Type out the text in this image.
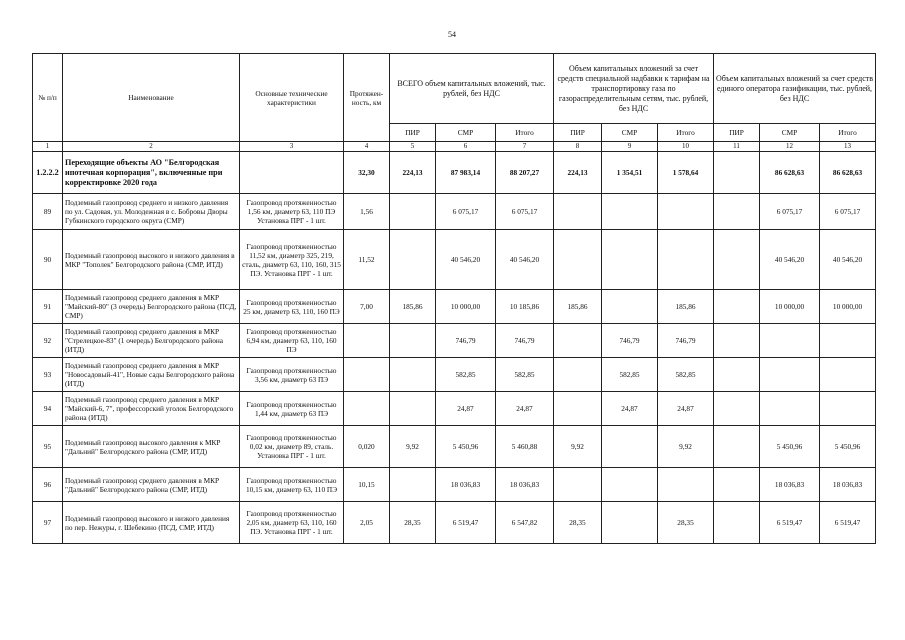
54
№ п/п	Наименование	Основные технические характеристики	Протяжен-ность, км	ВСЕГО объем капитальных вложений, тыс. рублей, без НДС			Объем капитальных вложений за счет средств специальной надбавки к тарифам на транспортировку газа по газораспределительным сетям, тыс. рублей, без НДС			Объем капитальных вложений за счет средств единого оператора газификации, тыс. рублей, без НДС		
				ПИР	СМР	Итого	ПИР	СМР	Итого	ПИР	СМР	Итого
1	2	3	4	5	6	7	8	9	10	11	12	13
1.2.2.2	Переходящие объекты АО "Белгородская ипотечная корпорация", включенные при корректировке 2020 года		32,30	224,13	87 983,14	88 207,27	224,13	1 354,51	1 578,64		86 628,63	86 628,63
89	Подземный газопровод среднего и низкого давления по ул. Садовая, ул. Молодежная в с. Бобровы Дворы Губкинского городского округа (СМР)	Газопровод протяженностью 1,56 км, диаметр 63, 110 ПЭ Установка ПРГ - 1 шт.	1,56		6 075,17	6 075,17					6 075,17	6 075,17
90	Подземный газопровод высокого и низкого давления в МКР "Тополек" Белгородского района (СМР, ИТД)	Газопровод протяженностью 11,52 км, диаметр 325, 219, сталь, диаметр 63, 110, 160, 315 ПЭ. Установка ПРГ - 1 шт.	11,52		40 546,20	40 546,20					40 546,20	40 546,20
91	Подземный газопровод среднего давления в МКР "Майский-80" (3 очередь) Белгородского района (ПСД, СМР)	Газопровод протяженностью 25 км, диаметр 63, 110, 160 ПЭ	7,00	185,86	10 000,00	10 185,86	185,86		185,86		10 000,00	10 000,00
92	Подземный газопровод среднего давления в МКР "Стрелецкое-83" (1 очередь) Белгородского района (ИТД)	Газопровод протяженностью 6,94 км, диаметр 63, 110, 160 ПЭ			746,79	746,79		746,79	746,79			
93	Подземный газопровод среднего давления в МКР "Новосадовый-41", Новые сады Белгородского района (ИТД)	Газопровод протяженностью 3,56 км, диаметр 63 ПЭ			582,85	582,85		582,85	582,85			
94	Подземный газопровод среднего давления в МКР "Майский-6, 7", профессорский уголок Белгородского района (ИТД)	Газопровод протяженностью 1,44 км, диаметр 63 ПЭ			24,87	24,87		24,87	24,87			
95	Подземный газопровод высокого давления к МКР "Дальний" Белгородского района (СМР, ИТД)	Газопровод протяженностью 0,02 км, диаметр 89, сталь. Установка ПРГ - 1 шт.	0,020	9,92	5 450,96	5 460,88	9,92		9,92		5 450,96	5 450,96
96	Подземный газопровод среднего давления в МКР "Дальний" Белгородского района (СМР, ИТД)	Газопровод протяженностью 10,15 км, диаметр 63, 110 ПЭ	10,15		18 036,83	18 036,83					18 036,83	18 036,83
97	Подземный газопровод высокого и низкого давления по пер. Нежуры, г. Шебекино (ПСД, СМР, ИТД)	Газопровод протяженностью 2,05 км, диаметр 63, 110, 160 ПЭ. Установка ПРГ - 1 шт.	2,05	28,35	6 519,47	6 547,82	28,35		28,35		6 519,47	6 519,47
